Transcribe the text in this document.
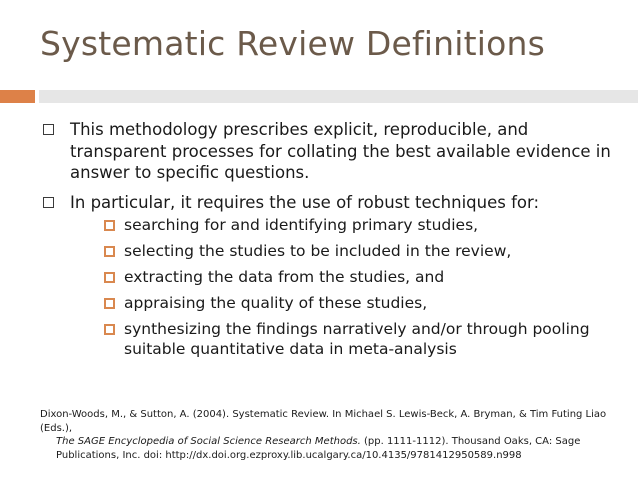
Systematic Review Definitions
This methodology prescribes explicit, reproducible, and transparent processes for collating the best available evidence in answer to specific questions.
In particular, it requires the use of robust techniques for:
searching for and identifying primary studies,
selecting the studies to be included in the review,
extracting the data from the studies, and
appraising the quality of these studies,
synthesizing the findings narratively and/or through pooling suitable quantitative data in meta-analysis
Dixon-Woods, M., & Sutton, A. (2004). Systematic Review. In Michael S. Lewis-Beck, A. Bryman, & Tim Futing Liao (Eds.),
The SAGE Encyclopedia of Social Science Research Methods. (pp. 1111-1112). Thousand Oaks, CA: Sage
Publications, Inc. doi: http://dx.doi.org.ezproxy.lib.ucalgary.ca/10.4135/9781412950589.n998
